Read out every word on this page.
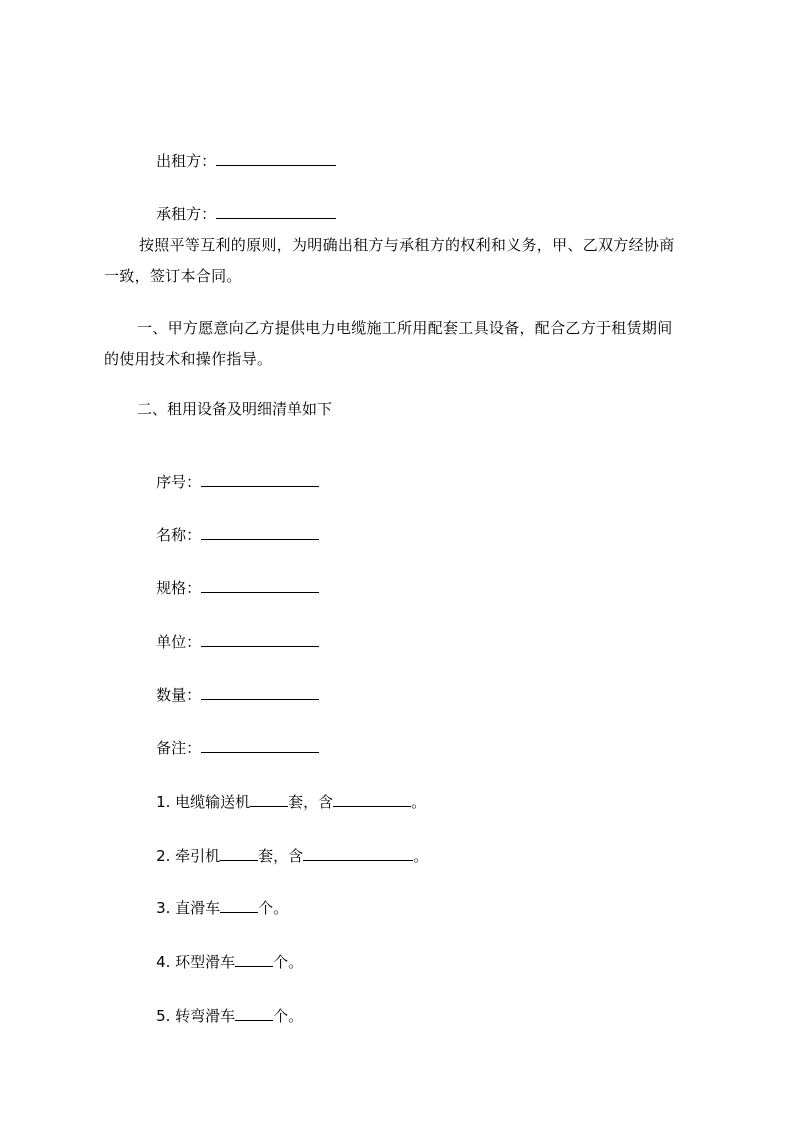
出租方：

承租方：

按照平等互利的原则，为明确出租方与承租方的权利和义务，甲、乙双方经协商
一致，签订本合同。
一、甲方愿意向乙方提供电力电缆施工所用配套工具设备，配合乙方于租赁期间
的使用技术和操作指导。
二、租用设备及明细清单如下

序号：

名称：

规格：

单位：

数量：

备注：

1. 电缆输送机	套，含	。

2. 牵引机	套，含	。

3. 直滑车	个。

4. 环型滑车	个。

5. 转弯滑车	个。
